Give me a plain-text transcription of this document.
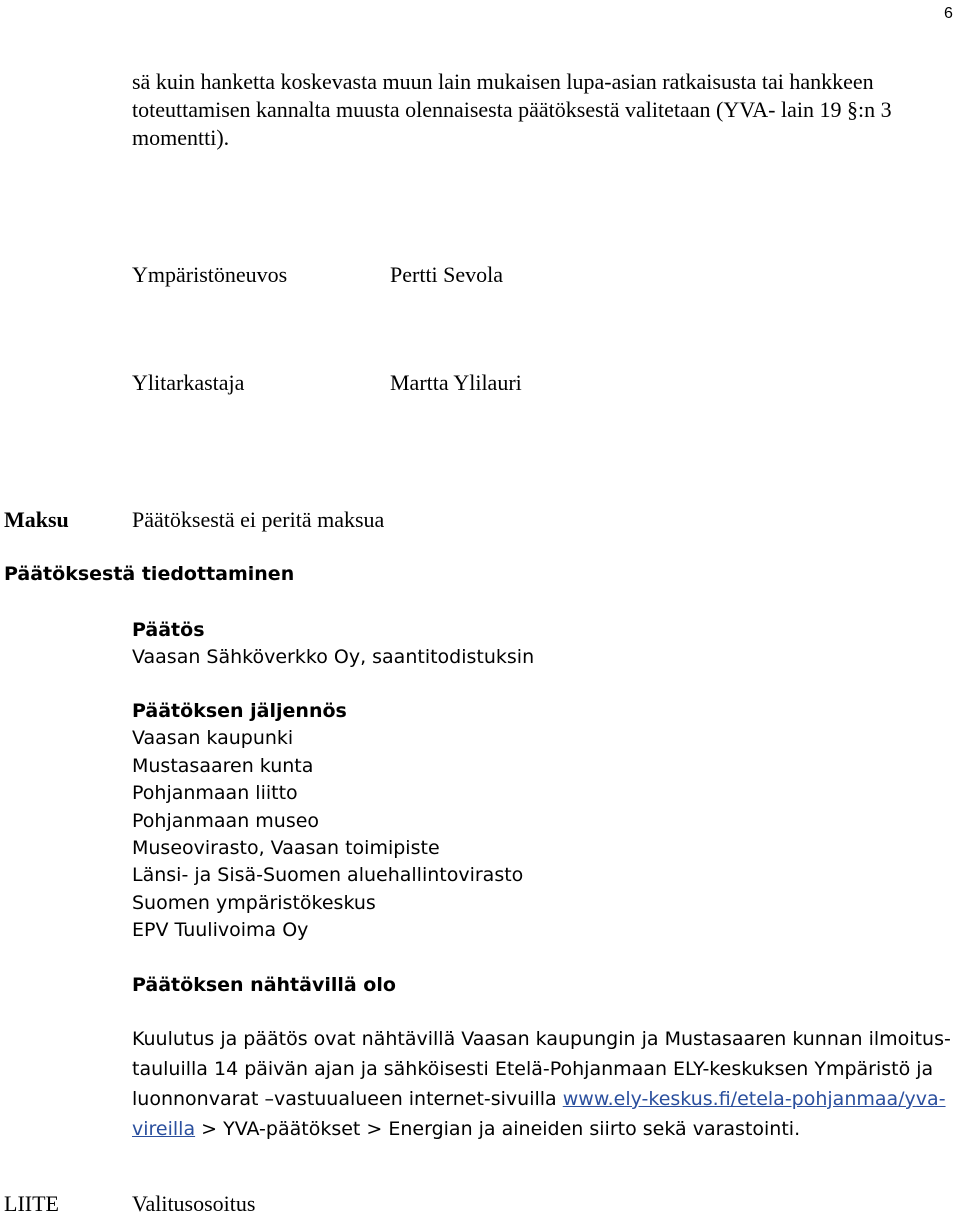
6
sä kuin hanketta koskevasta muun lain mukaisen lupa-asian ratkaisusta tai hankkeen
toteuttamisen kannalta muusta olennaisesta päätöksestä valitetaan (YVA- lain 19 §:n 3
momentti).
Ympäristöneuvos	Pertti Sevola
Ylitarkastaja	Martta Ylilauri
Maksu	Päätöksestä ei peritä maksua
Päätöksestä tiedottaminen
Päätös
Vaasan Sähköverkko Oy, saantitodistuksin
Päätöksen jäljennös
Vaasan kaupunki
Mustasaaren kunta
Pohjanmaan liitto
Pohjanmaan museo
Museovirasto, Vaasan toimipiste
Länsi- ja Sisä-Suomen aluehallintovirasto
Suomen ympäristökeskus
EPV Tuulivoima Oy
Päätöksen nähtävillä olo
Kuulutus ja päätös ovat nähtävillä Vaasan kaupungin ja Mustasaaren kunnan ilmoitus-
tauluilla 14 päivän ajan ja sähköisesti Etelä-Pohjanmaan ELY-keskuksen Ympäristö ja
luonnonvarat –vastuualueen internet-sivuilla www.ely-keskus.fi/etela-pohjanmaa/yva-
vireilla > YVA-päätökset > Energian ja aineiden siirto sekä varastointi.
LIITE	Valitusosoitus
